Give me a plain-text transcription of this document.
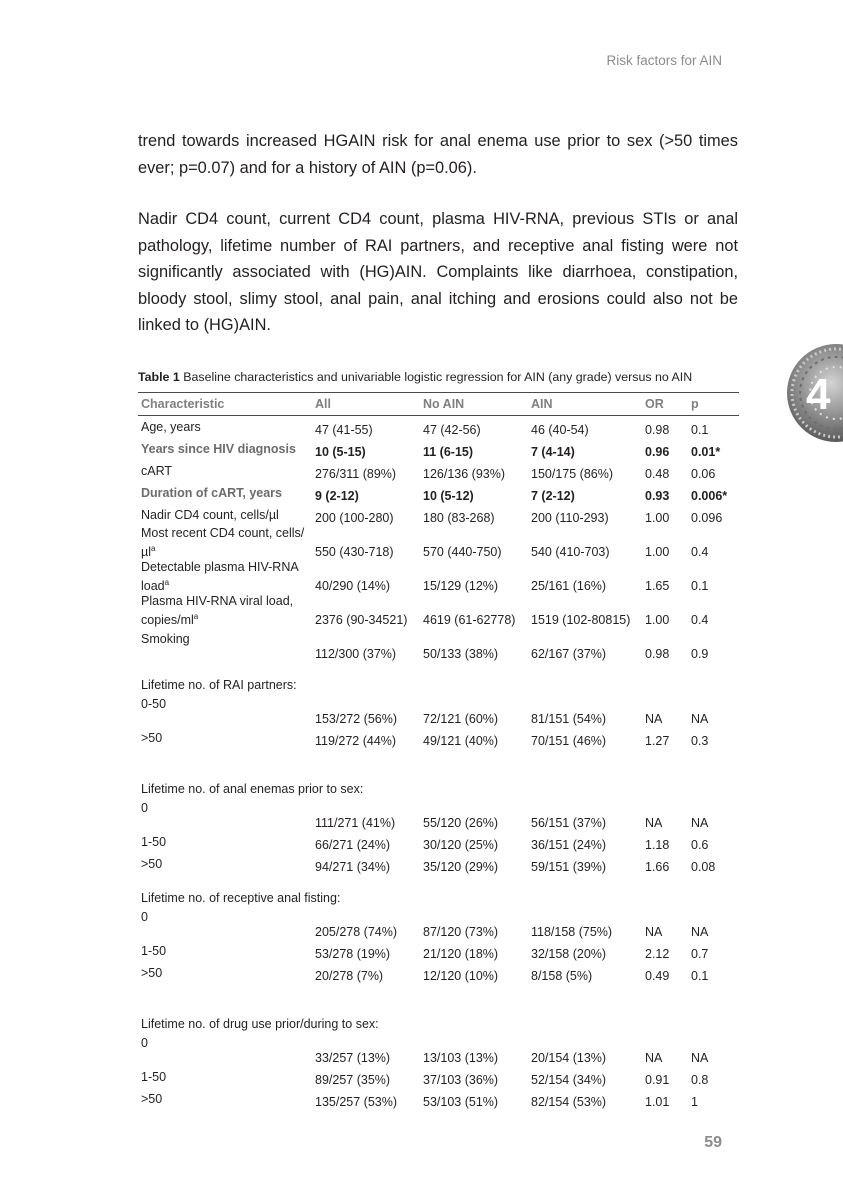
Risk factors for AIN

trend towards increased HGAIN risk for anal enema use prior to sex (>50 times ever; p=0.07) and for a history of AIN (p=0.06).

Nadir CD4 count, current CD4 count, plasma HIV-RNA, previous STIs or anal pathology, lifetime number of RAI partners, and receptive anal fisting were not significantly associated with (HG)AIN. Complaints like diarrhoea, constipation, bloody stool, slimy stool, anal pain, anal itching and erosions could also not be linked to (HG)AIN.

4
Table 1 Baseline characteristics and univariable logistic regression for AIN (any grade) versus no AIN
Characteristic	All	No AIN	AIN	OR	p
Age, years	47 (41-55)	47 (42-56)	46 (40-54)	0.98	0.1
Years since HIV diagnosis	10 (5-15)	11 (6-15)	7 (4-14)	0.96	0.01*
cART	276/311 (89%)	126/136 (93%)	150/175 (86%)	0.48	0.06
Duration of cART, years	9 (2-12)	10 (5-12)	7 (2-12)	0.93	0.006*
Nadir CD4 count, cells/µl	200 (100-280)	180 (83-268)	200 (110-293)	1.00	0.096
Most recent CD4 count, cells/µl$^a$	550 (430-718)	570 (440-750)	540 (410-703)	1.00	0.4
Detectable plasma HIV-RNA load$^a$	40/290 (14%)	15/129 (12%)	25/161 (16%)	1.65	0.1
Plasma HIV-RNA viral load, copies/$ml^a$	2376 (90-34521)	4619 (61-62778)	1519 (102-80815)	1.00	0.4
Smoking	112/300 (37%)	50/133 (38%)	62/167 (37%)	0.98	0.9
Lifetime no. of RAI partners:					
0-50	153/272 (56%)	72/121 (60%)	81/151 (54%)	NA	NA
>50	119/272 (44%)	49/121 (40%)	70/151 (46%)	1.27	0.3
Lifetime no. of anal enemas prior to sex:					
0	111/271 (41%)	55/120 (26%)	56/151 (37%)	NA	NA
1-50	66/271 (24%)	30/120 (25%)	36/151 (24%)	1.18	0.6
>50	94/271 (34%)	35/120 (29%)	59/151 (39%)	1.66	0.08
Lifetime no. of receptive anal fisting:					
0	205/278 (74%)	87/120 (73%)	118/158 (75%)	NA	NA
1-50	53/278 (19%)	21/120 (18%)	32/158 (20%)	2.12	0.7
>50	20/278 (7%)	12/120 (10%)	8/158 (5%)	0.49	0.1
Lifetime no. of drug use prior/during to sex:					
0	33/257 (13%)	13/103 (13%)	20/154 (13%)	NA	NA
1-50	89/257 (35%)	37/103 (36%)	52/154 (34%)	0.91	0.8
>50	135/257 (53%)	53/103 (51%)	82/154 (53%)	1.01	1
59
